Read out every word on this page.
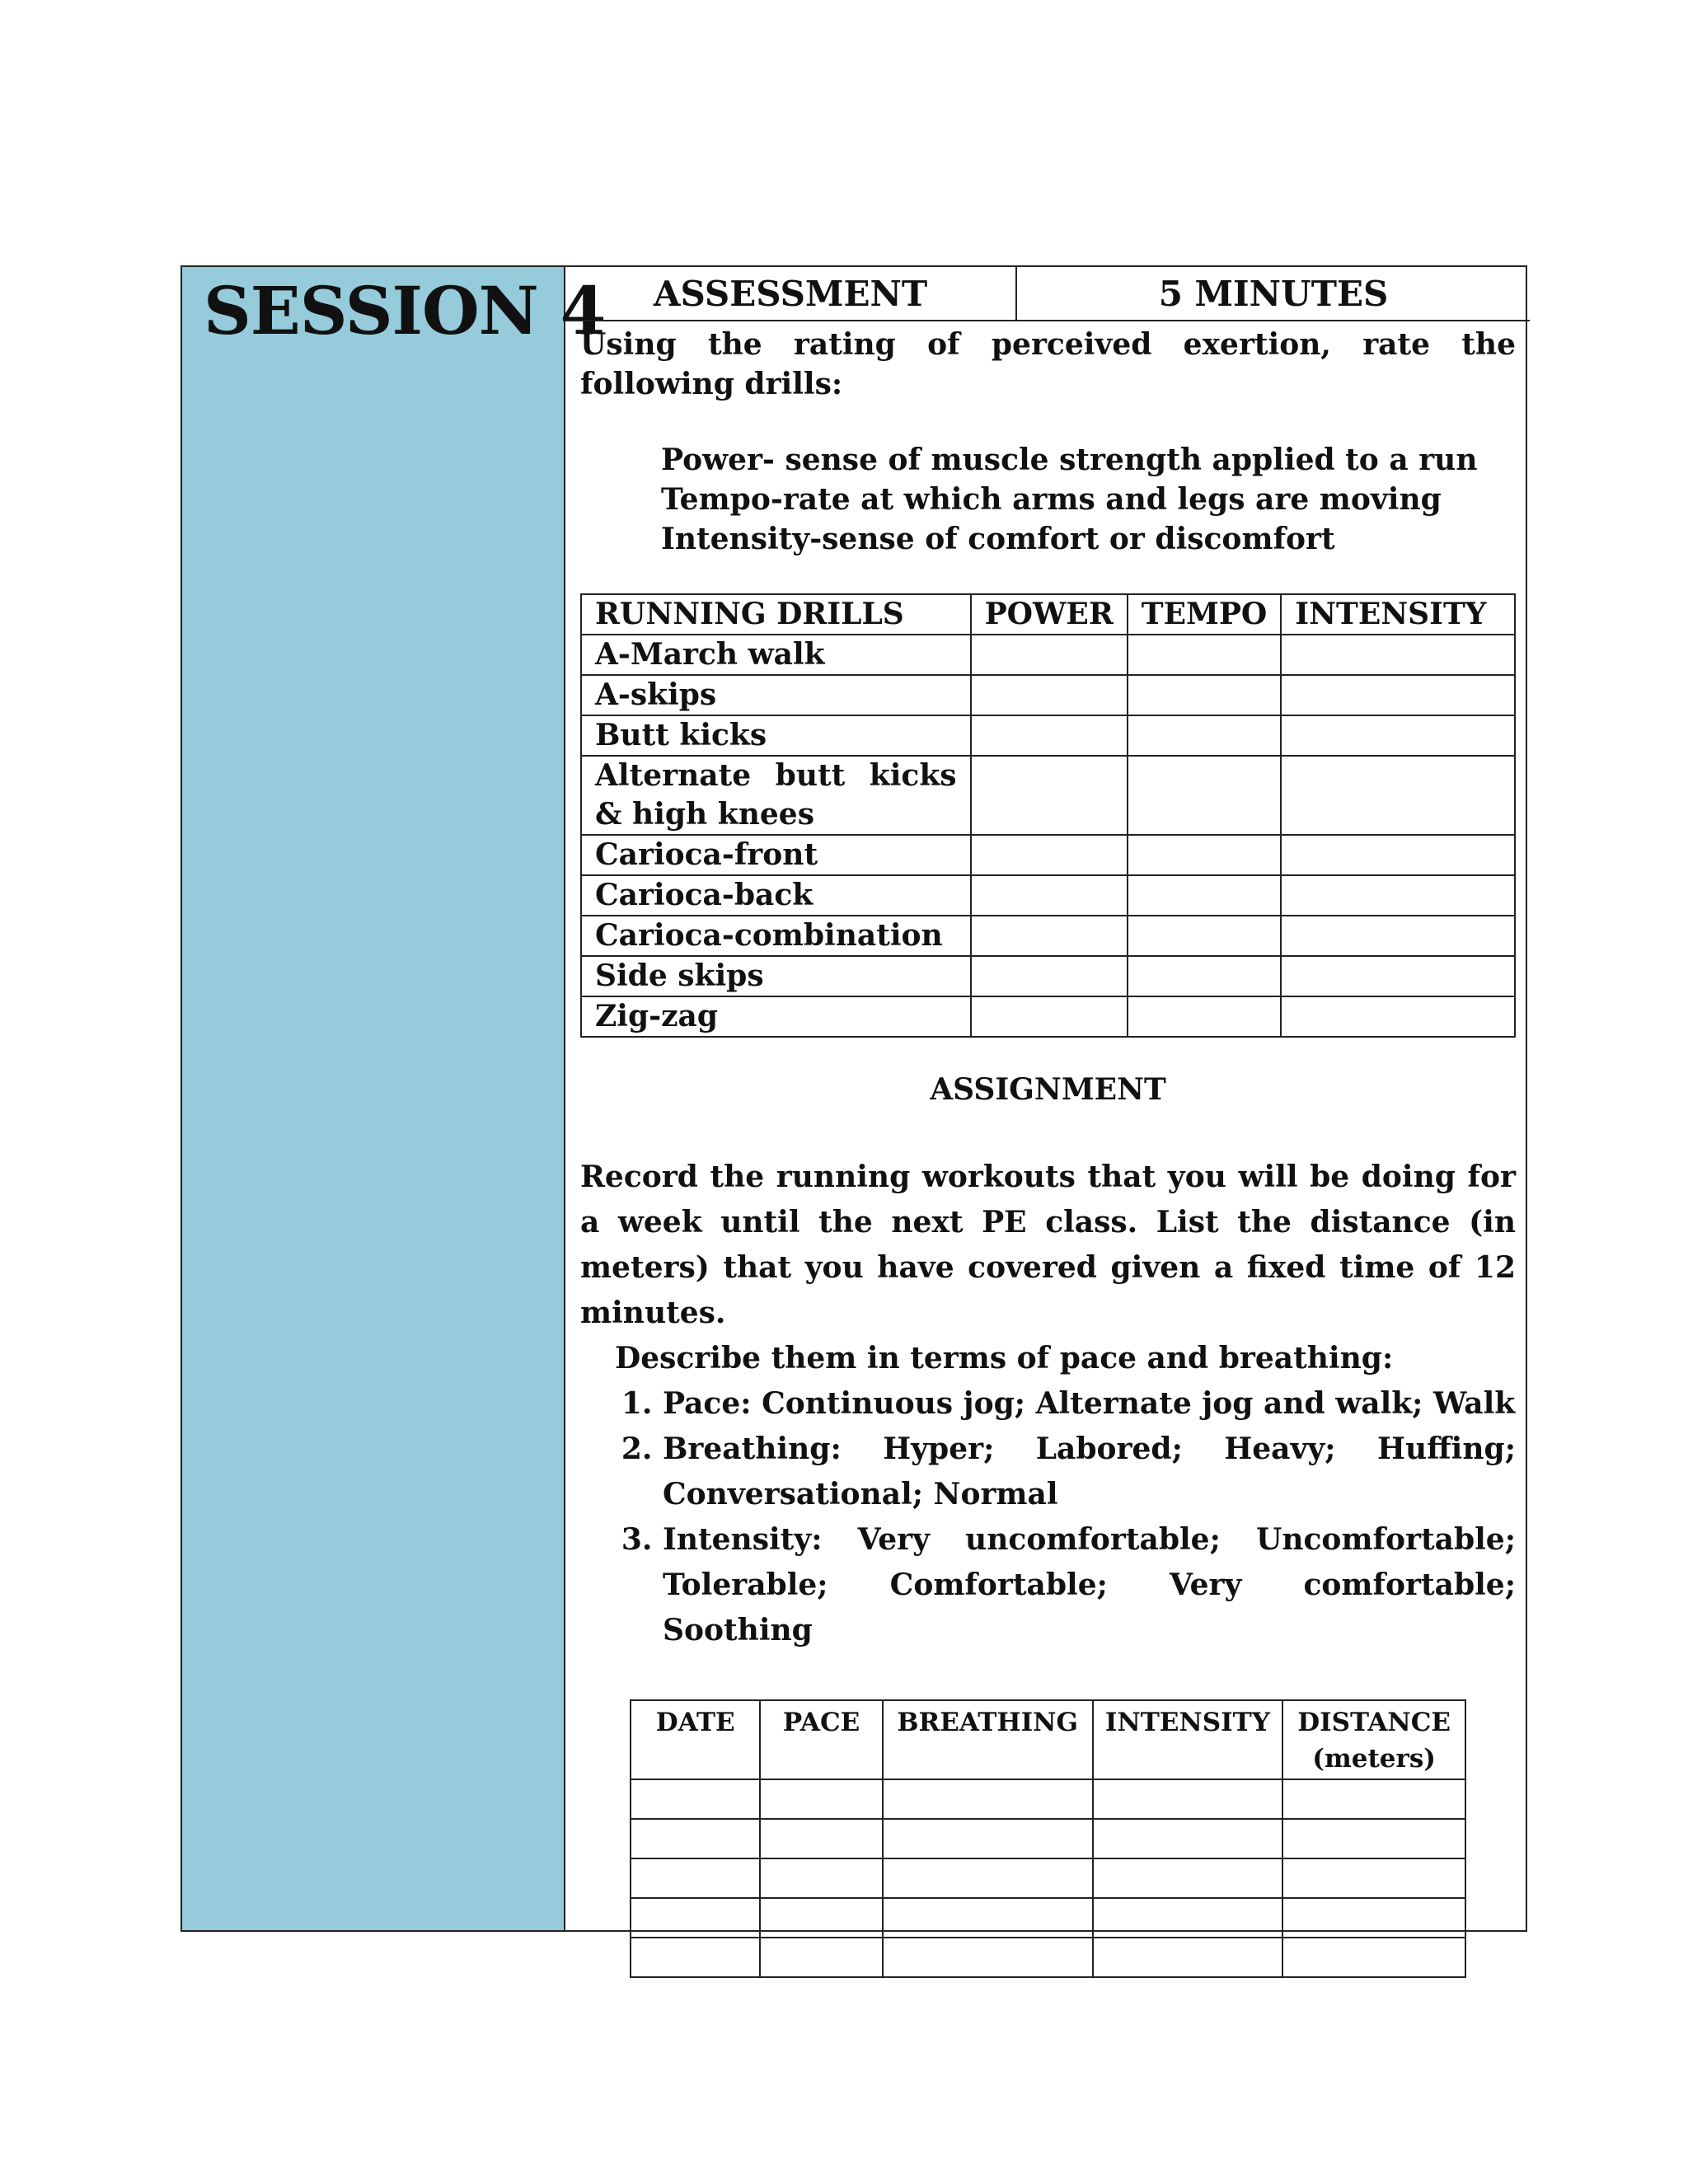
SESSION 4	ASSESSMENT	5 MINUTES
Using the rating of perceived exertion, rate the following drills:
Power- sense of muscle strength applied to a run
Tempo-rate at which arms and legs are moving
Intensity-sense of comfort or discomfort
RUNNING DRILLS	POWER	TEMPO	INTENSITY
A-March walk			
A-skips			
Butt kicks			
Alternate butt kicks & high knees			
Carioca-front			
Carioca-back			
Carioca-combination			
Side skips			
Zig-zag			
ASSIGNMENT
Record the running workouts that you will be doing for a week until the next PE class. List the distance (in meters) that you have covered given a fixed time of 12 minutes.
Describe them in terms of pace and breathing:
1. Pace: Continuous jog; Alternate jog and walk; Walk
2. Breathing: Hyper; Labored; Heavy; Huffing; Conversational; Normal
3. Intensity: Very uncomfortable; Uncomfortable; Tolerable; Comfortable; Very comfortable; Soothing
DATE	PACE	BREATHING	INTENSITY	DISTANCE
(meters)
